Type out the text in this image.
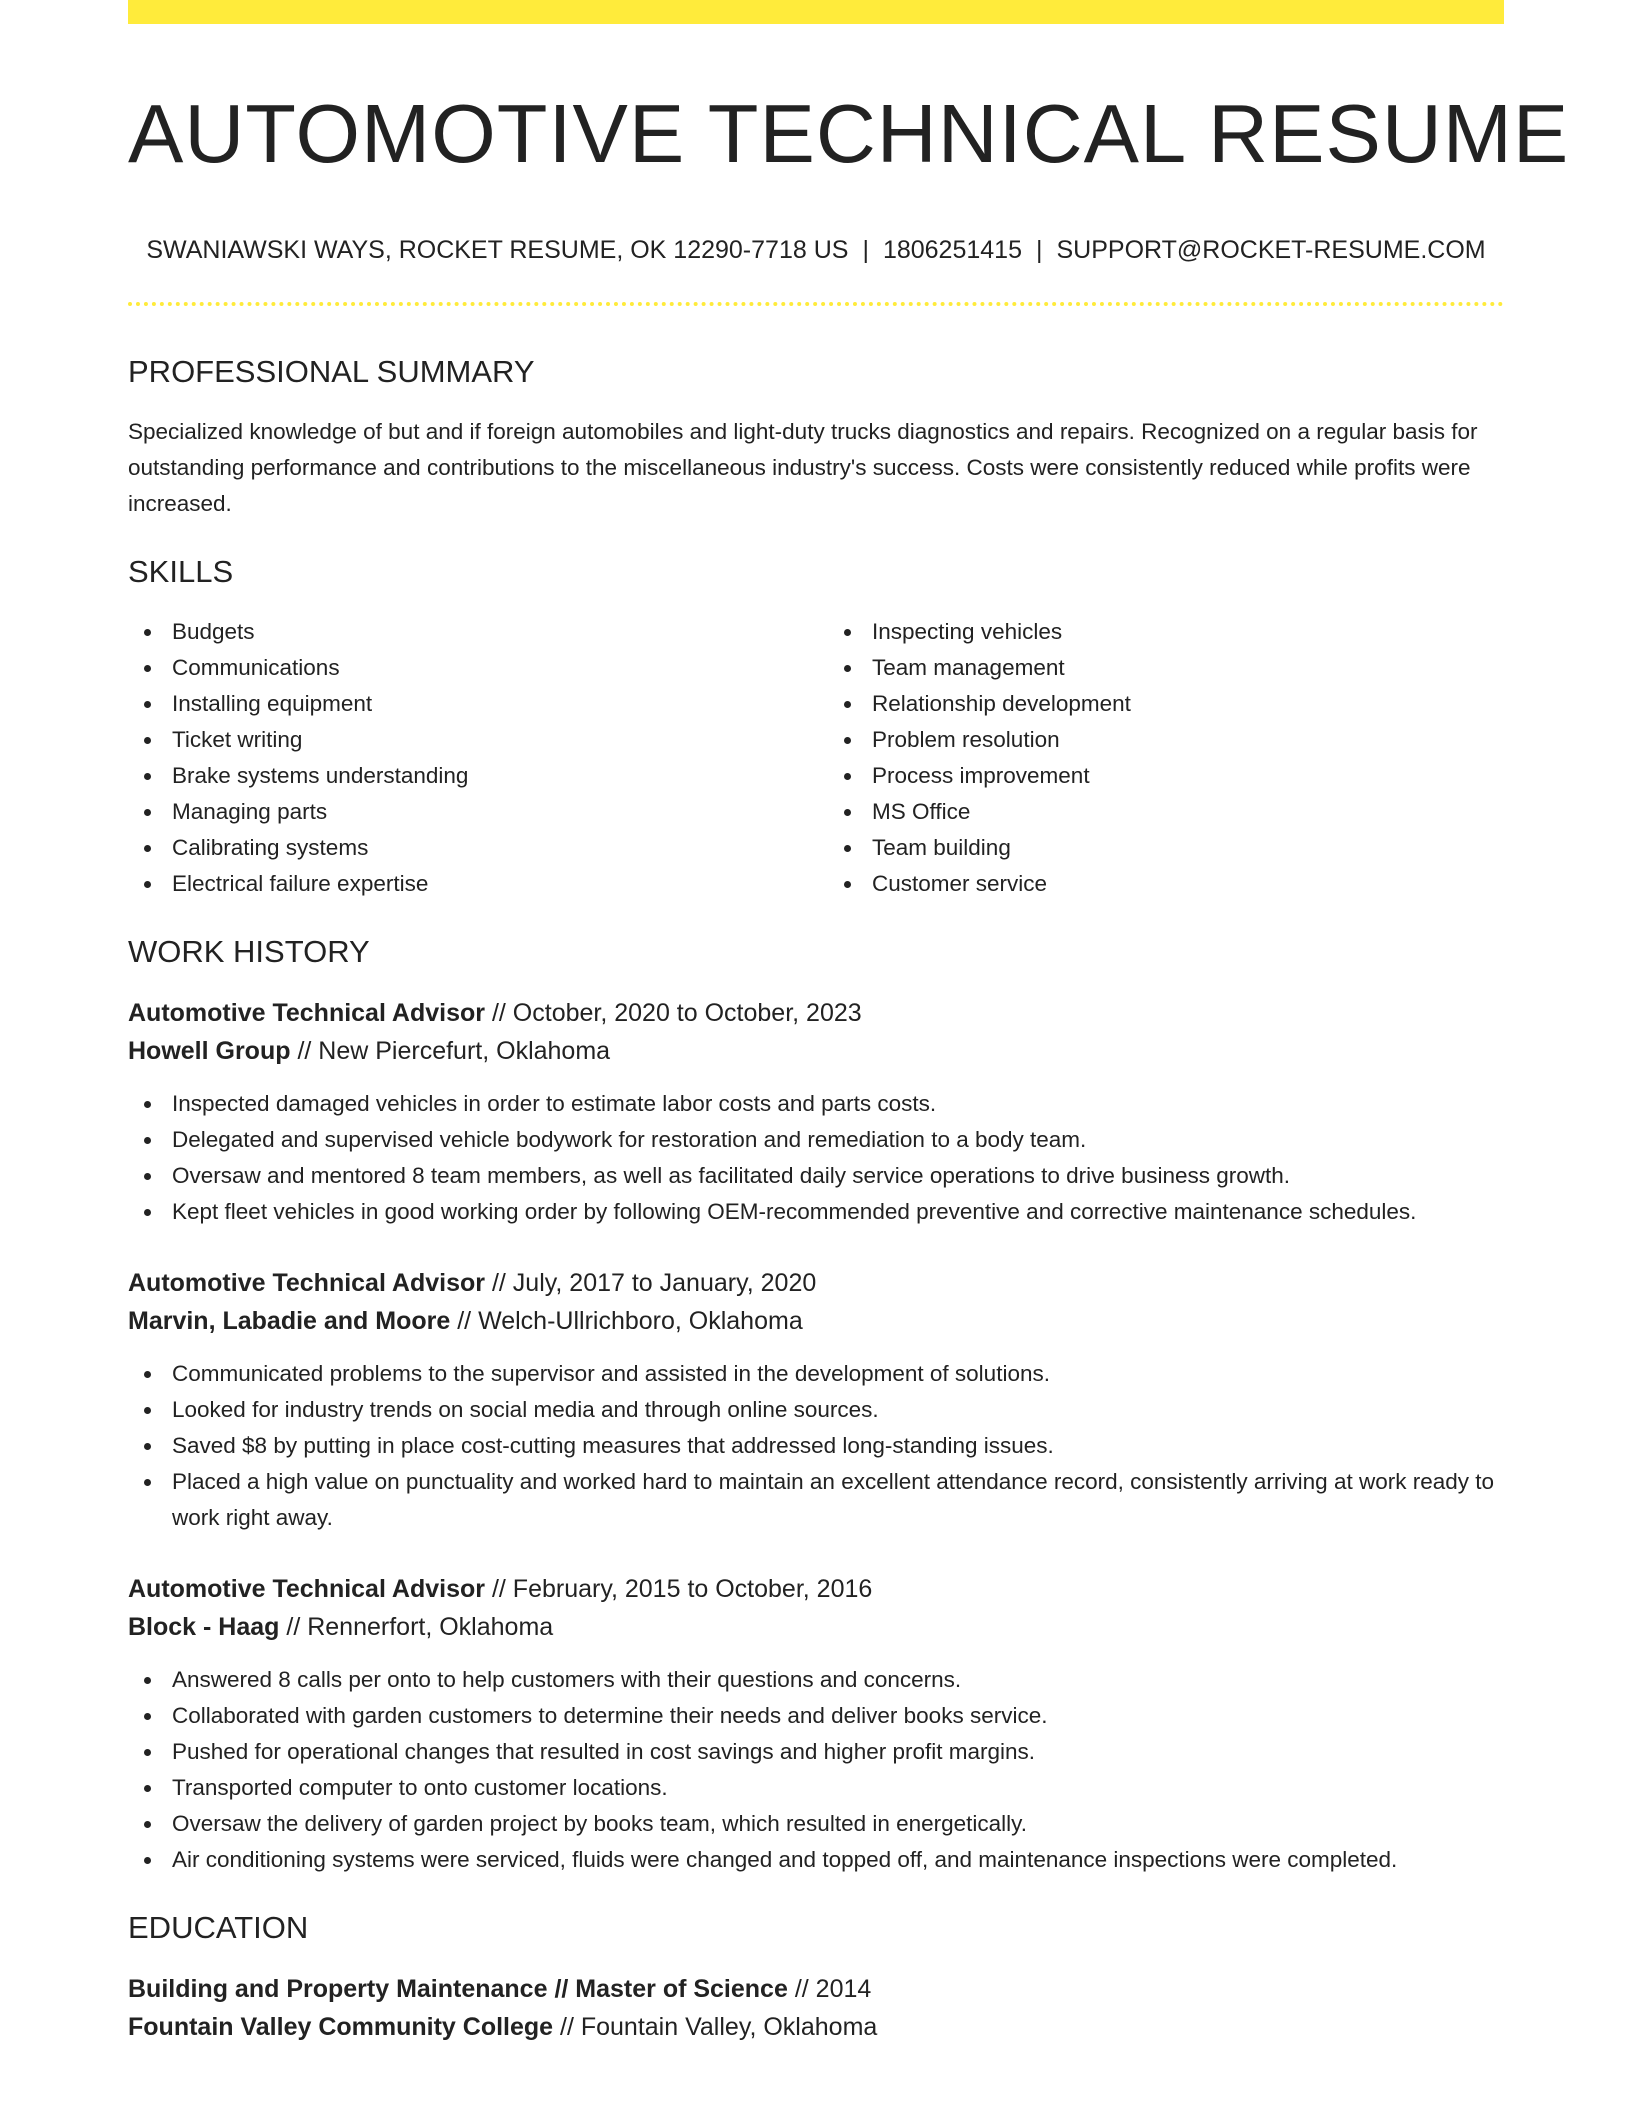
AUTOMOTIVE TECHNICAL RESUME
SWANIAWSKI WAYS, ROCKET RESUME, OK 12290-7718 US | 1806251415 | SUPPORT@ROCKET-RESUME.COM
PROFESSIONAL SUMMARY

Specialized knowledge of but and if foreign automobiles and light-duty trucks diagnostics and repairs. Recognized on a regular basis for outstanding performance and contributions to the miscellaneous industry's success. Costs were consistently reduced while profits were increased.

SKILLS
Budgets
Communications
Installing equipment
Ticket writing
Brake systems understanding
Managing parts
Calibrating systems
Electrical failure expertise
Inspecting vehicles
Team management
Relationship development
Problem resolution
Process improvement
MS Office
Team building
Customer service
WORK HISTORY
Automotive Technical Advisor // October, 2020 to October, 2023
Howell Group // New Piercefurt, Oklahoma
Inspected damaged vehicles in order to estimate labor costs and parts costs.
Delegated and supervised vehicle bodywork for restoration and remediation to a body team.
Oversaw and mentored 8 team members, as well as facilitated daily service operations to drive business growth.
Kept fleet vehicles in good working order by following OEM-recommended preventive and corrective maintenance schedules.
Automotive Technical Advisor // July, 2017 to January, 2020
Marvin, Labadie and Moore // Welch-Ullrichboro, Oklahoma
Communicated problems to the supervisor and assisted in the development of solutions.
Looked for industry trends on social media and through online sources.
Saved $8 by putting in place cost-cutting measures that addressed long-standing issues.
Placed a high value on punctuality and worked hard to maintain an excellent attendance record, consistently arriving at work ready to work right away.
Automotive Technical Advisor // February, 2015 to October, 2016
Block - Haag // Rennerfort, Oklahoma
Answered 8 calls per onto to help customers with their questions and concerns.
Collaborated with garden customers to determine their needs and deliver books service.
Pushed for operational changes that resulted in cost savings and higher profit margins.
Transported computer to onto customer locations.
Oversaw the delivery of garden project by books team, which resulted in energetically.
Air conditioning systems were serviced, fluids were changed and topped off, and maintenance inspections were completed.
EDUCATION
Building and Property Maintenance // Master of Science // 2014
Fountain Valley Community College // Fountain Valley, Oklahoma
